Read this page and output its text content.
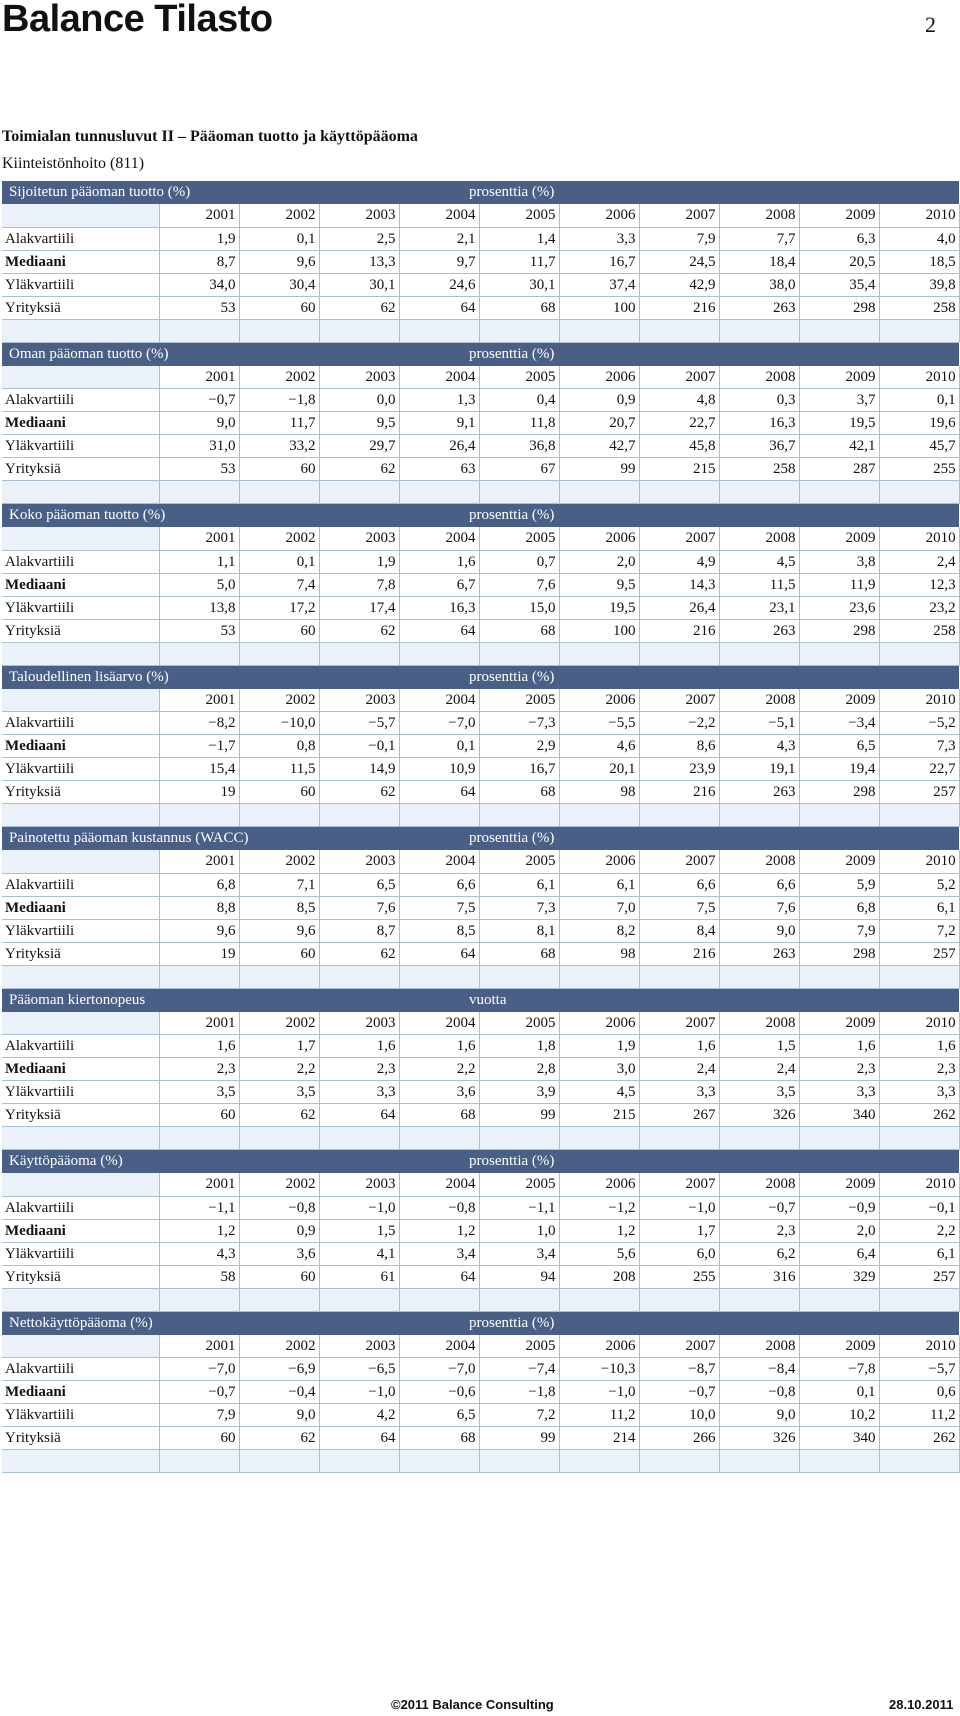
Balance Tilasto	2
Toimialan tunnusluvut II – Pääoman tuotto ja käyttöpääoma
Kiinteistönhoito (811)
Sijoitetun pääoman tuotto (%) prosenttia (%)										

	2001	2002	2003	2004	2005	2006	2007	2008	2009	2010
Alakvartiili	1,9	0,1	2,5	2,1	1,4	3,3	7,9	7,7	6,3	4,0
Mediaani	8,7	9,6	13,3	9,7	11,7	16,7	24,5	18,4	20,5	18,5
Yläkvartiili	34,0	30,4	30,1	24,6	30,1	37,4	42,9	38,0	35,4	39,8
Yrityksiä	53	60	62	64	68	100	216	263	298	258

Oman pääoman tuotto (%) prosenttia (%)										

	2001	2002	2003	2004	2005	2006	2007	2008	2009	2010
Alakvartiili	−0,7	−1,8	0,0	1,3	0,4	0,9	4,8	0,3	3,7	0,1
Mediaani	9,0	11,7	9,5	9,1	11,8	20,7	22,7	16,3	19,5	19,6
Yläkvartiili	31,0	33,2	29,7	26,4	36,8	42,7	45,8	36,7	42,1	45,7
Yrityksiä	53	60	62	63	67	99	215	258	287	255

Koko pääoman tuotto (%) prosenttia (%)										

	2001	2002	2003	2004	2005	2006	2007	2008	2009	2010
Alakvartiili	1,1	0,1	1,9	1,6	0,7	2,0	4,9	4,5	3,8	2,4
Mediaani	5,0	7,4	7,8	6,7	7,6	9,5	14,3	11,5	11,9	12,3
Yläkvartiili	13,8	17,2	17,4	16,3	15,0	19,5	26,4	23,1	23,6	23,2
Yrityksiä	53	60	62	64	68	100	216	263	298	258

Taloudellinen lisäarvo (%) prosenttia (%)										

	2001	2002	2003	2004	2005	2006	2007	2008	2009	2010
Alakvartiili	−8,2	−10,0	−5,7	−7,0	−7,3	−5,5	−2,2	−5,1	−3,4	−5,2
Mediaani	−1,7	0,8	−0,1	0,1	2,9	4,6	8,6	4,3	6,5	7,3
Yläkvartiili	15,4	11,5	14,9	10,9	16,7	20,1	23,9	19,1	19,4	22,7
Yrityksiä	19	60	62	64	68	98	216	263	298	257

Painotettu pääoman kustannus (WACC) prosenttia (%)										

	2001	2002	2003	2004	2005	2006	2007	2008	2009	2010
Alakvartiili	6,8	7,1	6,5	6,6	6,1	6,1	6,6	6,6	5,9	5,2
Mediaani	8,8	8,5	7,6	7,5	7,3	7,0	7,5	7,6	6,8	6,1
Yläkvartiili	9,6	9,6	8,7	8,5	8,1	8,2	8,4	9,0	7,9	7,2
Yrityksiä	19	60	62	64	68	98	216	263	298	257

Pääoman kiertonopeus vuotta										

	2001	2002	2003	2004	2005	2006	2007	2008	2009	2010
Alakvartiili	1,6	1,7	1,6	1,6	1,8	1,9	1,6	1,5	1,6	1,6
Mediaani	2,3	2,2	2,3	2,2	2,8	3,0	2,4	2,4	2,3	2,3
Yläkvartiili	3,5	3,5	3,3	3,6	3,9	4,5	3,3	3,5	3,3	3,3
Yrityksiä	60	62	64	68	99	215	267	326	340	262

Käyttöpääoma (%) prosenttia (%)										

	2001	2002	2003	2004	2005	2006	2007	2008	2009	2010
Alakvartiili	−1,1	−0,8	−1,0	−0,8	−1,1	−1,2	−1,0	−0,7	−0,9	−0,1
Mediaani	1,2	0,9	1,5	1,2	1,0	1,2	1,7	2,3	2,0	2,2
Yläkvartiili	4,3	3,6	4,1	3,4	3,4	5,6	6,0	6,2	6,4	6,1
Yrityksiä	58	60	61	64	94	208	255	316	329	257

Nettokäyttöpääoma (%) prosenttia (%)										

	2001	2002	2003	2004	2005	2006	2007	2008	2009	2010
Alakvartiili	−7,0	−6,9	−6,5	−7,0	−7,4	−10,3	−8,7	−8,4	−7,8	−5,7
Mediaani	−0,7	−0,4	−1,0	−0,6	−1,8	−1,0	−0,7	−0,8	0,1	0,6
Yläkvartiili	7,9	9,0	4,2	6,5	7,2	11,2	10,0	9,0	10,2	11,2
Yrityksiä	60	62	64	68	99	214	266	326	340	262

©2011 Balance Consulting	28.10.2011
